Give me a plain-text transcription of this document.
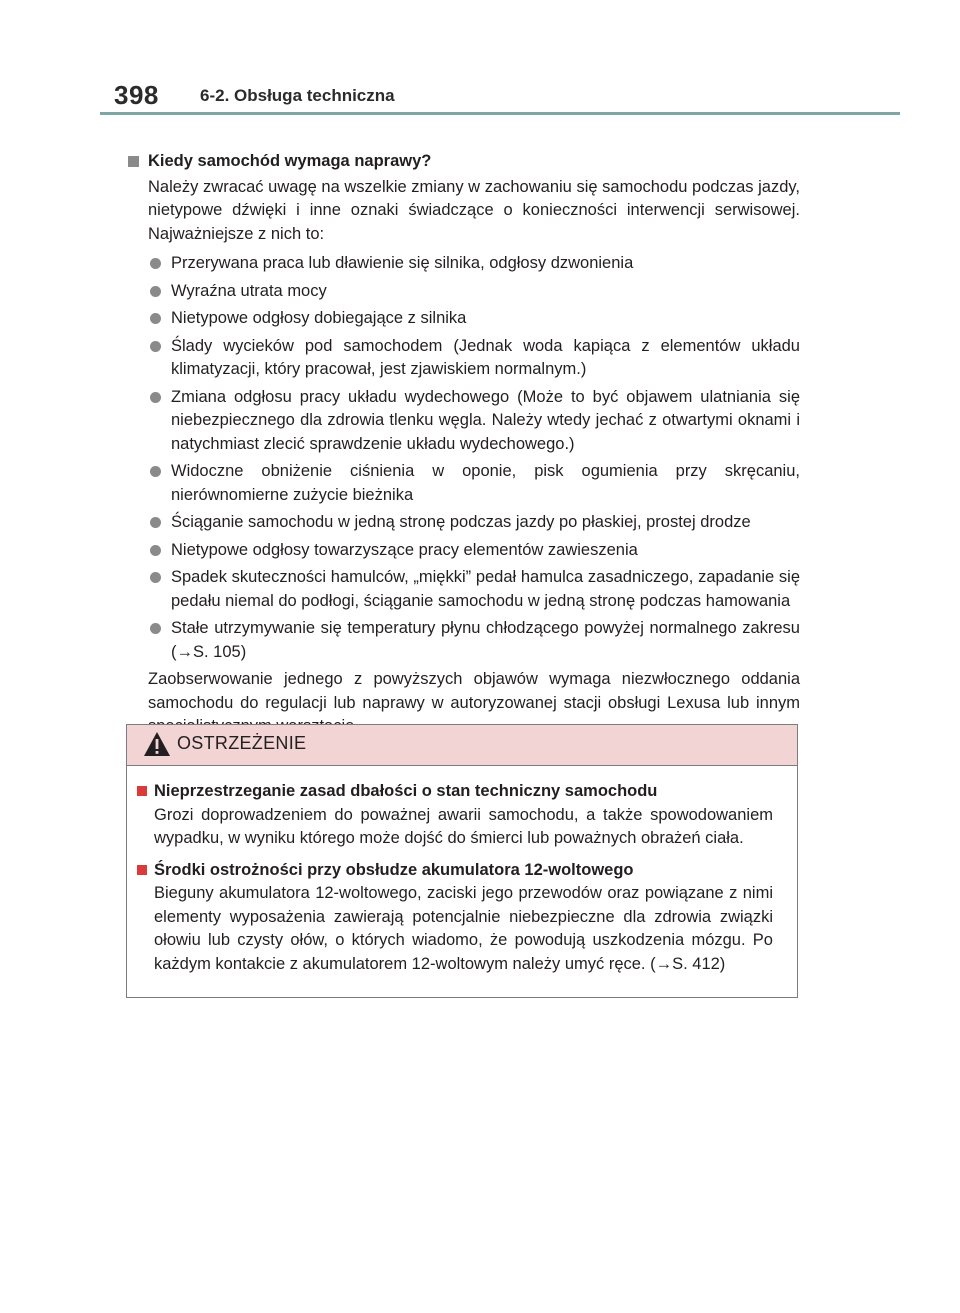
398 6-2. Obsługa techniczna
Kiedy samochód wymaga naprawy?
Należy zwracać uwagę na wszelkie zmiany w zachowaniu się samochodu podczas jazdy, nietypowe dźwięki i inne oznaki świadczące o konieczności interwencji serwisowej. Najważniejsze z nich to:
Przerywana praca lub dławienie się silnika, odgłosy dzwonienia
Wyraźna utrata mocy
Nietypowe odgłosy dobiegające z silnika
Ślady wycieków pod samochodem (Jednak woda kapiąca z elementów układu klimatyzacji, który pracował, jest zjawiskiem normalnym.)
Zmiana odgłosu pracy układu wydechowego (Może to być objawem ulatniania się niebezpiecznego dla zdrowia tlenku węgla. Należy wtedy jechać z otwartymi oknami i natychmiast zlecić sprawdzenie układu wydechowego.)
Widoczne obniżenie ciśnienia w oponie, pisk ogumienia przy skręcaniu, nierównomierne zużycie bieżnika
Ściąganie samochodu w jedną stronę podczas jazdy po płaskiej, prostej drodze
Nietypowe odgłosy towarzyszące pracy elementów zawieszenia
Spadek skuteczności hamulców, „miękki” pedał hamulca zasadniczego, zapadanie się pedału niemal do podłogi, ściąganie samochodu w jedną stronę podczas hamowania
Stałe utrzymywanie się temperatury płynu chłodzącego powyżej normalnego zakresu (→S. 105)
Zaobserwowanie jednego z powyższych objawów wymaga niezwłocznego oddania samochodu do regulacji lub naprawy w autoryzowanej stacji obsługi Lexusa lub innym
OSTRZEŻENIE
Nieprzestrzeganie zasad dbałości o stan techniczny samochodu
Grozi doprowadzeniem do poważnej awarii samochodu, a także spowodowaniem wypadku, w wyniku którego może dojść do śmierci lub poważnych obrażeń ciała.
Środki ostrożności przy obsłudze akumulatora 12-woltowego
Bieguny akumulatora 12-woltowego, zaciski jego przewodów oraz powiązane z nimi elementy wyposażenia zawierają potencjalnie niebezpieczne dla zdrowia związki ołowiu lub czysty ołów, o których wiadomo, że powodują uszkodzenia mózgu. Po każdym kontakcie z akumulatorem 12-woltowym należy umyć ręce. (→S. 412)
